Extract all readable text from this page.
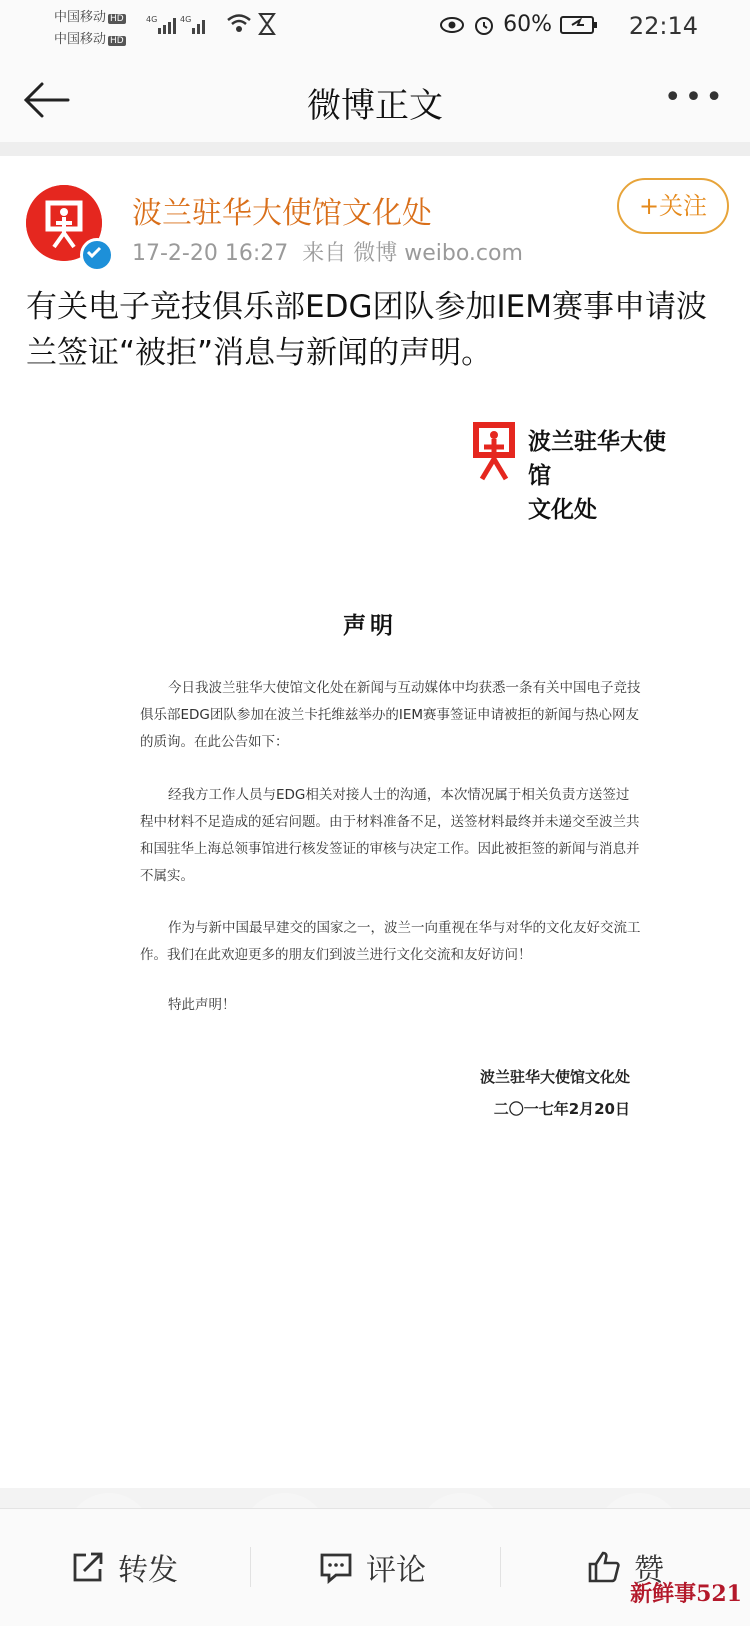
中国移动 HD
中国移动 HD
4G	4G	60%	22:14
微博正文	•••
波兰驻华大使馆文化处
17-2-20 16:27 来自 微博 weibo.com
+关注
有关电子竞技俱乐部EDG团队参加IEM赛事申请波兰签证“被拒”消息与新闻的声明。
波兰驻华大使馆
文化处
声明
今日我波兰驻华大使馆文化处在新闻与互动媒体中均获悉一条有关中国电子竞技俱乐部EDG团队参加在波兰卡托维兹举办的IEM赛事签证申请被拒的新闻与热心网友的质询。在此公告如下：
经我方工作人员与EDG相关对接人士的沟通，本次情况属于相关负责方送签过程中材料不足造成的延宕问题。由于材料准备不足，送签材料最终并未递交至波兰共和国驻华上海总领事馆进行核发签证的审核与决定工作。因此被拒签的新闻与消息并不属实。
作为与新中国最早建交的国家之一，波兰一向重视在华与对华的文化友好交流工作。我们在此欢迎更多的朋友们到波兰进行文化交流和友好访问！
特此声明！
波兰驻华大使馆文化处
二〇一七年2月20日
转发	评论	赞
新鲜事521
